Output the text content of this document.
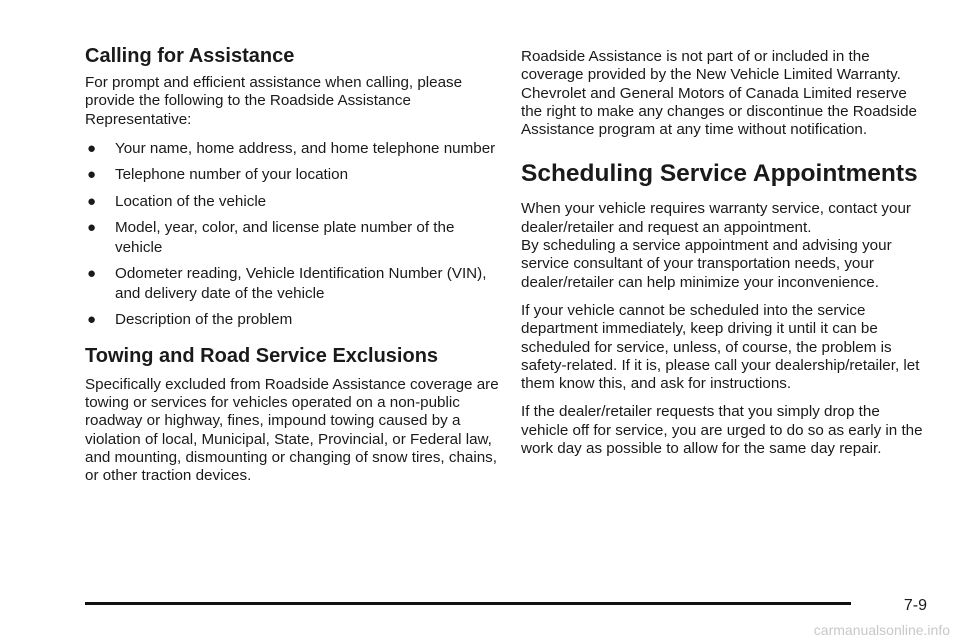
Calling for Assistance

For prompt and efficient assistance when calling, please provide the following to the Roadside Assistance Representative:

● Your name, home address, and home telephone number
● Telephone number of your location
● Location of the vehicle
● Model, year, color, and license plate number of the vehicle
● Odometer reading, Vehicle Identification Number (VIN), and delivery date of the vehicle
● Description of the problem
Towing and Road Service Exclusions

Specifically excluded from Roadside Assistance coverage are towing or services for vehicles operated on a non-public roadway or highway, fines, impound towing caused by a violation of local, Municipal, State, Provincial, or Federal law, and mounting, dismounting or changing of snow tires, chains, or other traction devices.

Roadside Assistance is not part of or included in the coverage provided by the New Vehicle Limited Warranty. Chevrolet and General Motors of Canada Limited reserve the right to make any changes or discontinue the Roadside Assistance program at any time without notification.

Scheduling Service Appointments

When your vehicle requires warranty service, contact your dealer/retailer and request an appointment.

By scheduling a service appointment and advising your service consultant of your transportation needs, your dealer/retailer can help minimize your inconvenience.

If your vehicle cannot be scheduled into the service department immediately, keep driving it until it can be scheduled for service, unless, of course, the problem is safety-related. If it is, please call your dealership/retailer, let them know this, and ask for instructions.

If the dealer/retailer requests that you simply drop the vehicle off for service, you are urged to do so as early in the work day as possible to allow for the same day repair.

7-9
carmanualsonline.info
